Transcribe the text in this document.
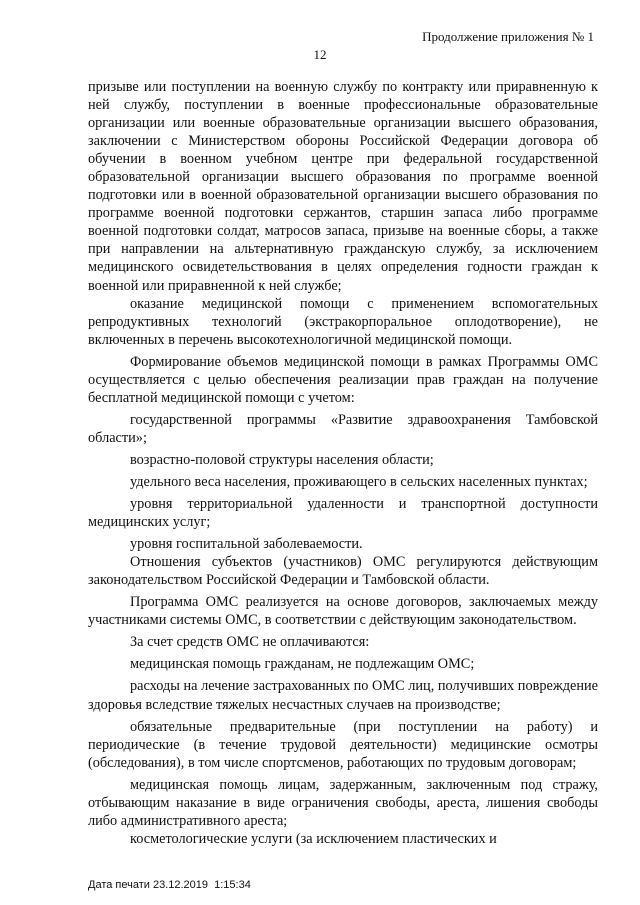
Продолжение приложения № 1
12

призыве или поступлении на военную службу по контракту или приравненную к ней службу, поступлении в военные профессиональные образовательные организации или военные образовательные организации высшего образования, заключении с Министерством обороны Российской Федерации договора об обучении в военном учебном центре при федеральной государственной образовательной организации высшего образования по программе военной подготовки или в военной образовательной организации высшего образования по программе военной подготовки сержантов, старшин запаса либо программе военной подготовки солдат, матросов запаса, призыве на военные сборы, а также при направлении на альтернативную гражданскую службу, за исключением медицинского освидетельствования в целях определения годности граждан к военной или приравненной к ней службе;

оказание медицинской помощи с применением вспомогательных репродуктивных технологий (экстракорпоральное оплодотворение), не включенных в перечень высокотехнологичной медицинской помощи.

Формирование объемов медицинской помощи в рамках Программы ОМС осуществляется с целью обеспечения реализации прав граждан на получение бесплатной медицинской помощи с учетом:

государственной программы «Развитие здравоохранения Тамбовской области»;

возрастно-половой структуры населения области;

удельного веса населения, проживающего в сельских населенных пунктах;

уровня территориальной удаленности и транспортной доступности медицинских услуг;

уровня госпитальной заболеваемости.

Отношения субъектов (участников) ОМС регулируются действующим законодательством Российской Федерации и Тамбовской области.

Программа ОМС реализуется на основе договоров, заключаемых между участниками системы ОМС, в соответствии с действующим законодательством.

За счет средств ОМС не оплачиваются:

медицинская помощь гражданам, не подлежащим ОМС;

расходы на лечение застрахованных по ОМС лиц, получивших повреждение здоровья вследствие тяжелых несчастных случаев на производстве;

обязательные предварительные (при поступлении на работу) и периодические (в течение трудовой деятельности) медицинские осмотры (обследования), в том числе спортсменов, работающих по трудовым договорам;

медицинская помощь лицам, задержанным, заключенным под стражу, отбывающим наказание в виде ограничения свободы, ареста, лишения свободы либо административного ареста;

косметологические услуги (за исключением пластических и

Дата печати 23.12.2019  1:15:34
